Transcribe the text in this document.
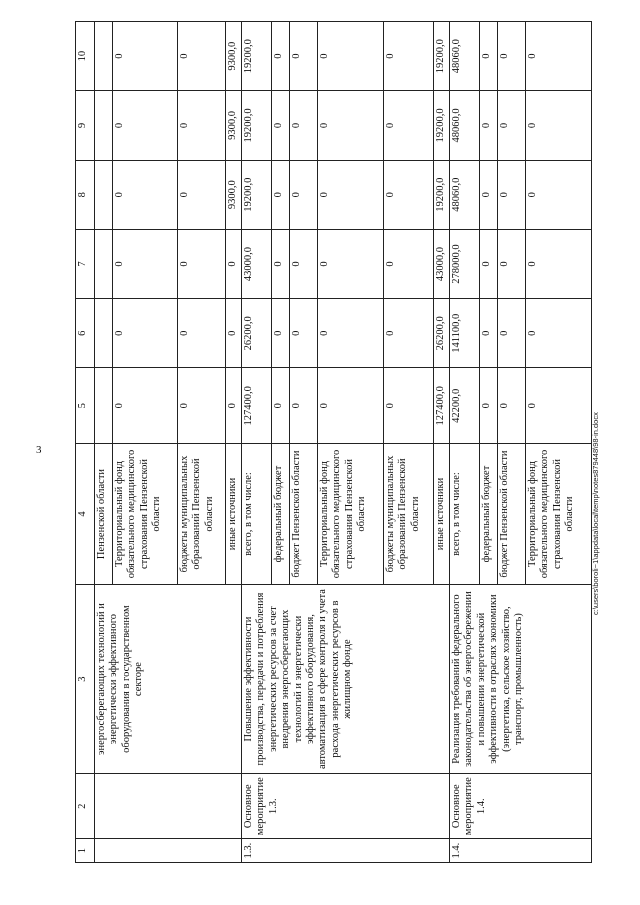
3
1	2	3	4	5	6	7	8	9	10
		энергосберегающих технологий и энергетически эффективного оборудования в государственном секторе	Пензенской области						
			Территориальный фонд обязательного медицинского страхования Пензенской области	0	0	0	0	0	0
			бюджеты муниципальных образований Пензенской области	0	0	0	0	0	0
			иные источники	0	0	0	9300,0	9300,0	9300,0
1.3.	Основное мероприятие 1.3.	Повышение эффективности производства, передачи и потребления энергетических ресурсов за счет внедрения энергосберегающих технологий и энергетически эффективного оборудования, автоматизация в сфере контроля и учета расхода энергетических ресурсов в жилищном фонде	всего, в том числе:	127400,0	26200,0	43000,0	19200,0	19200,0	19200,0
			федеральный бюджет	0	0	0	0	0	0
			бюджет Пензенской области	0	0	0	0	0	0
			Территориальный фонд обязательного медицинского страхования Пензенской области	0	0	0	0	0	0
			бюджеты муниципальных образований Пензенской области	0	0	0	0	0	0
			иные источники	127400,0	26200,0	43000,0	19200,0	19200,0	19200,0
1.4.	Основное мероприятие 1.4.	Реализация требований федерального законодательства об энергосбережении и повышении энергетической эффективности в отраслях экономики (энергетика, сельское хозяйство, транспорт, промышленность)	всего, в том числе:	42200,0	141100,0	278000,0	48060,0	48060,0	48060,0
			федеральный бюджет	0	0	0	0	0	0
			бюджет Пензенской области	0	0	0	0	0	0
			Территориальный фонд обязательного медицинского страхования Пензенской области	0	0	0	0	0	0
c:\users\boroli~1\appdata\local\temp\notes879448\98-in.docx
